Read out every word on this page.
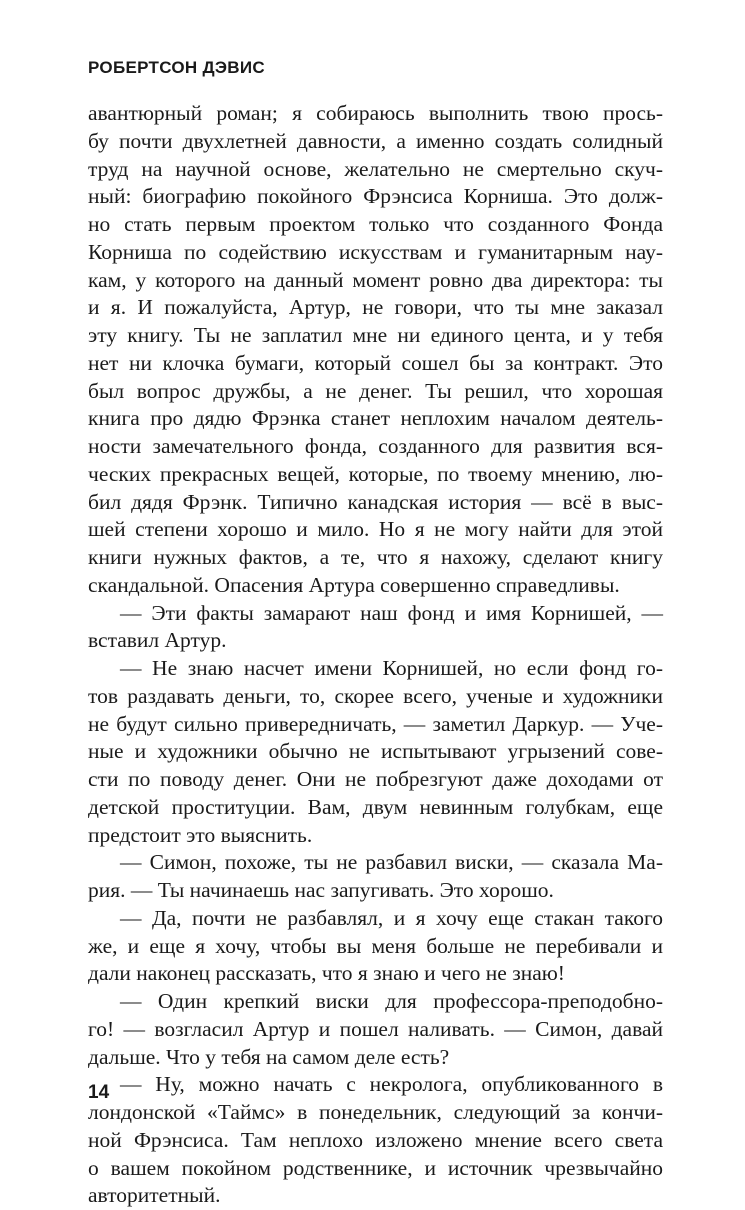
РОБЕРТСОН ДЭВИС
авантюрный роман; я собираюсь выполнить твою прось-
бу почти двухлетней давности, а именно создать солидный
труд на научной основе, желательно не смертельно скуч-
ный: биографию покойного Фрэнсиса Корниша. Это долж-
но стать первым проектом только что созданного Фонда
Корниша по содействию искусствам и гуманитарным нау-
кам, у которого на данный момент ровно два директора: ты
и я. И пожалуйста, Артур, не говори, что ты мне заказал
эту книгу. Ты не заплатил мне ни единого цента, и у тебя
нет ни клочка бумаги, который сошел бы за контракт. Это
был вопрос дружбы, а не денег. Ты решил, что хорошая
книга про дядю Фрэнка станет неплохим началом деятель-
ности замечательного фонда, созданного для развития вся-
ческих прекрасных вещей, которые, по твоему мнению, лю-
бил дядя Фрэнк. Типично канадская история — всё в выс-
шей степени хорошо и мило. Но я не могу найти для этой
книги нужных фактов, а те, что я нахожу, сделают книгу
скандальной. Опасения Артура совершенно справедливы.
— Эти факты замарают наш фонд и имя Корнишей, —
вставил Артур.
— Не знаю насчет имени Корнишей, но если фонд го-
тов раздавать деньги, то, скорее всего, ученые и художники
не будут сильно привередничать, — заметил Даркур. — Уче-
ные и художники обычно не испытывают угрызений сове-
сти по поводу денег. Они не побрезгуют даже доходами от
детской проституции. Вам, двум невинным голубкам, еще
предстоит это выяснить.
— Симон, похоже, ты не разбавил виски, — сказала Ма-
рия. — Ты начинаешь нас запугивать. Это хорошо.
— Да, почти не разбавлял, и я хочу еще стакан такого
же, и еще я хочу, чтобы вы меня больше не перебивали и
дали наконец рассказать, что я знаю и чего не знаю!
— Один крепкий виски для профессора-преподобно-
го! — возгласил Артур и пошел наливать. — Симон, давай
дальше. Что у тебя на самом деле есть?
— Ну, можно начать с некролога, опубликованного в
лондонской «Таймс» в понедельник, следующий за кончи-
ной Фрэнсиса. Там неплохо изложено мнение всего света
о вашем покойном родственнике, и источник чрезвычайно
авторитетный.
14
